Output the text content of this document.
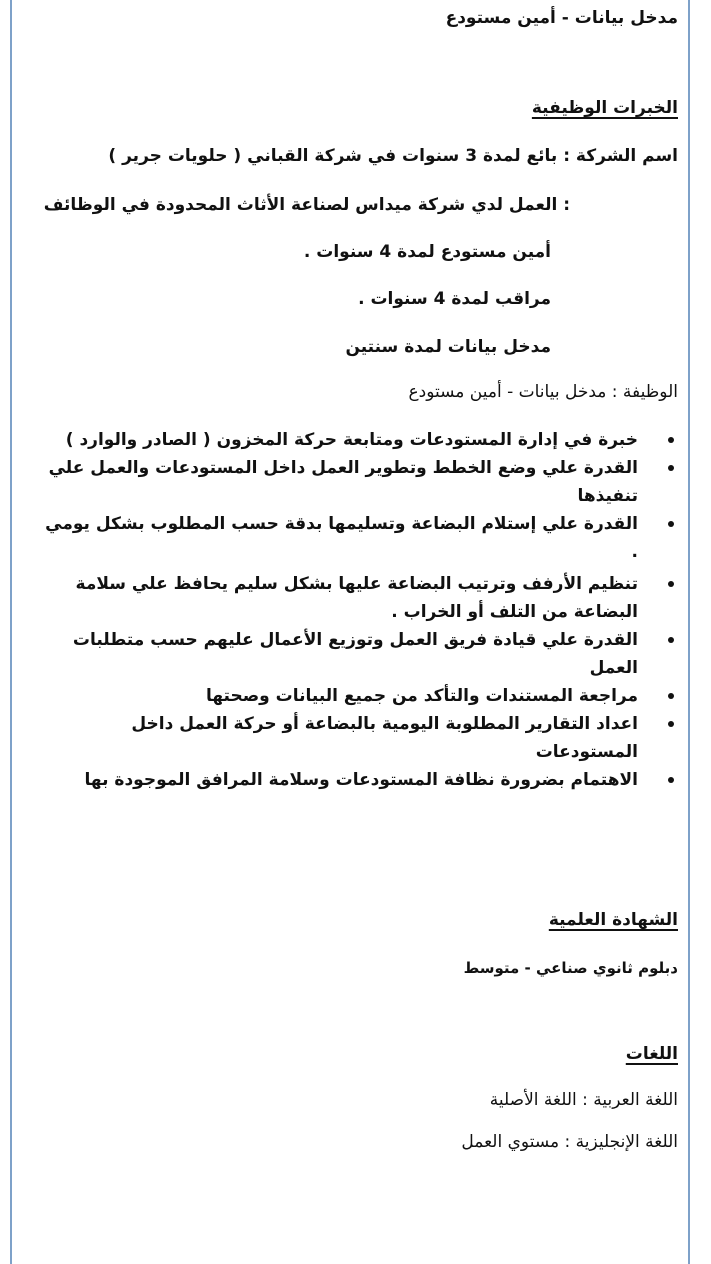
مدخل بيانات - أمين مستودع
الخبرات الوظيفية
اسم الشركة : بائع لمدة 3 سنوات في شركة القباني ( حلويات جرير )
: العمل لدي شركة ميداس لصناعة الأثاث المحدودة في الوظائف
أمين مستودع لمدة 4 سنوات .
مراقب لمدة 4 سنوات .
مدخل بيانات لمدة سنتين
الوظيفة : مدخل بيانات - أمين مستودع
خبرة في إدارة المستودعات ومتابعة حركة المخزون ( الصادر والوارد )
القدرة علي وضع الخطط وتطوير العمل داخل المستودعات والعمل علي تنفيذها
القدرة علي إستلام البضاعة وتسليمها بدقة حسب المطلوب بشكل يومي .
تنظيم الأرفف وترتيب البضاعة عليها بشكل سليم يحافظ علي سلامة البضاعة من التلف أو الخراب .
القدرة علي قيادة فريق العمل وتوزيع الأعمال عليهم حسب متطلبات العمل
مراجعة المستندات والتأكد من جميع البيانات وصحتها
اعداد التقارير المطلوبة اليومية بالبضاعة أو حركة العمل داخل المستودعات
الاهتمام بضرورة نظافة المستودعات وسلامة المرافق الموجودة بها
الشهادة العلمية
دبلوم ثانوي صناعي - متوسط
اللغات
اللغة العربية : اللغة الأصلية
اللغة الإنجليزية : مستوي العمل
